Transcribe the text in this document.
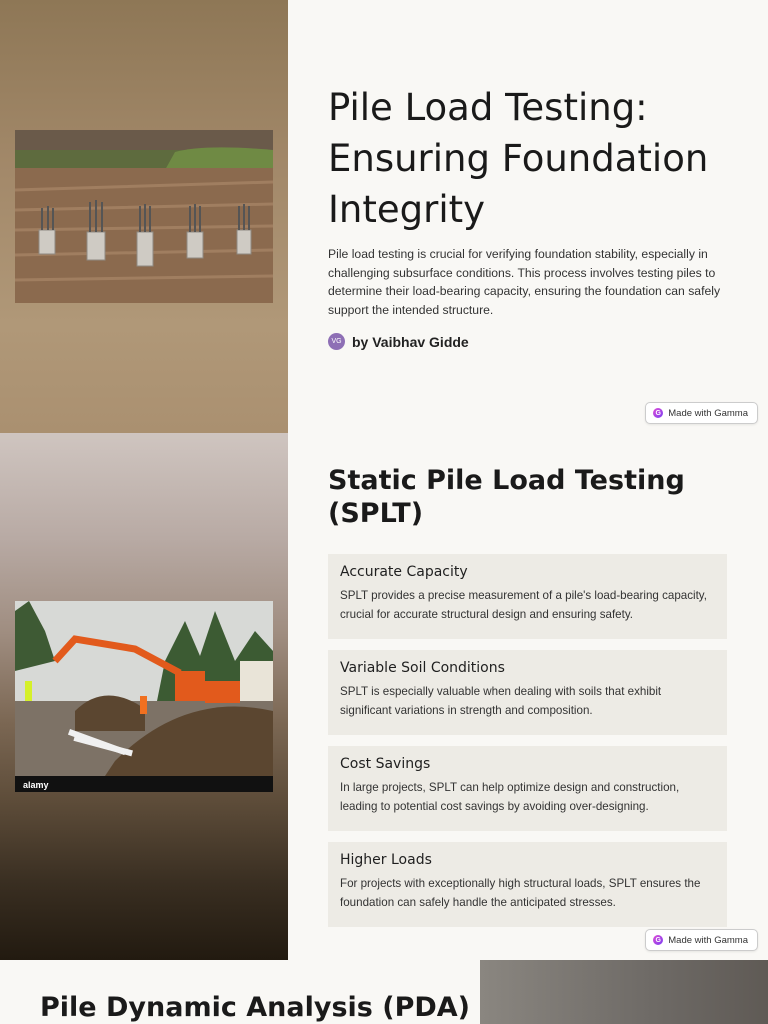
Pile Load Testing: Ensuring Foundation Integrity

Pile load testing is crucial for verifying foundation stability, especially in challenging subsurface conditions. This process involves testing piles to determine their load-bearing capacity, ensuring the foundation can safely support the intended structure.

VG by Vaibhav Gidde
G Made with Gamma
alamy
Static Pile Load Testing (SPLT)
Accurate Capacity
SPLT provides a precise measurement of a pile's load-bearing capacity, crucial for accurate structural design and ensuring safety.
Variable Soil Conditions
SPLT is especially valuable when dealing with soils that exhibit significant variations in strength and composition.
Cost Savings
In large projects, SPLT can help optimize design and construction, leading to potential cost savings by avoiding over-designing.
Higher Loads
For projects with exceptionally high structural loads, SPLT ensures the foundation can safely handle the anticipated stresses.
G Made with Gamma
Pile Dynamic Analysis (PDA)
